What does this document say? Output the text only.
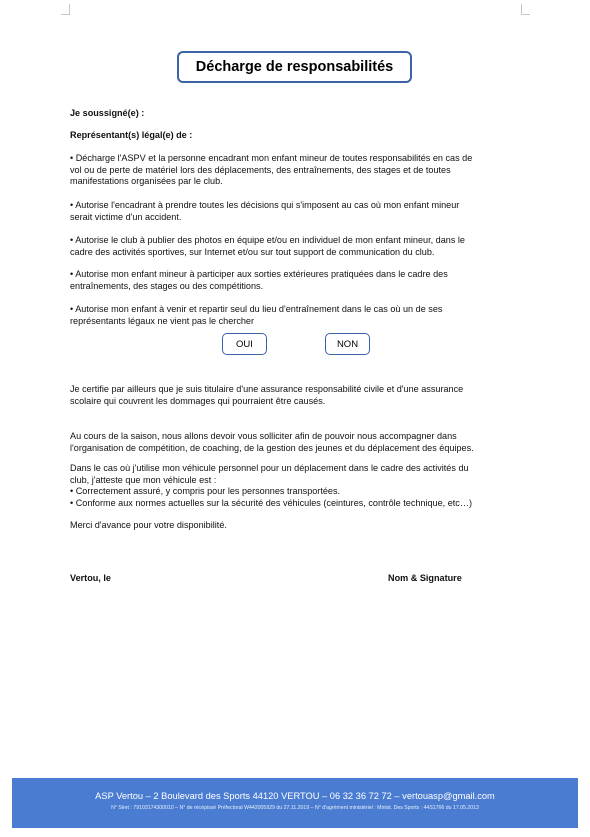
Décharge de responsabilités

Je soussigné(e) :

Représentant(s) légal(e) de :

• Décharge l'ASPV et la personne encadrant mon enfant mineur de toutes responsabilités en cas de
vol ou de perte de matériel lors des déplacements, des entraînements, des stages et de toutes
manifestations organisées par le club.
• Autorise l'encadrant à prendre toutes les décisions qui s'imposent au cas où mon enfant mineur
serait victime d'un accident.
• Autorise le club à publier des photos en équipe et/ou en individuel de mon enfant mineur, dans le
cadre des activités sportives, sur Internet et/ou sur tout support de communication du club.
• Autorise mon enfant mineur à participer aux sorties extérieures pratiquées dans le cadre des
entraînements, des stages ou des compétitions.
• Autorise mon enfant à venir et repartir seul du lieu d'entraînement dans le cas où un de ses
représentants légaux ne vient pas le chercher
OUI	NON
Je certifie par ailleurs que je suis titulaire d'une assurance responsabilité civile et d'une assurance
scolaire qui couvrent les dommages qui pourraient être causés.
Au cours de la saison, nous allons devoir vous solliciter afin de pouvoir nous accompagner dans
l'organisation de compétition, de coaching, de la gestion des jeunes et du déplacement des équipes.
Dans le cas où j'utilise mon véhicule personnel pour un déplacement dans le cadre des activités du
club, j'atteste que mon véhicule est :
• Correctement assuré, y compris pour les personnes transportées.
• Conforme aux normes actuelles sur la sécurité des véhicules (ceintures, contrôle technique, etc…)

Merci d'avance pour votre disponibilité.

Vertou, le	Nom & Signature

ASP Vertou – 2 Boulevard des Sports 44120 VERTOU – 06 32 36 72 72 – vertouasp@gmail.com
N° Siret : 79103174300010 – N° de récépissé Préfectoral W442005929 du 27.11.2019 – N° d'agrément ministériel : Minist. Des Sports : 44S1766 du 17.05.2013
